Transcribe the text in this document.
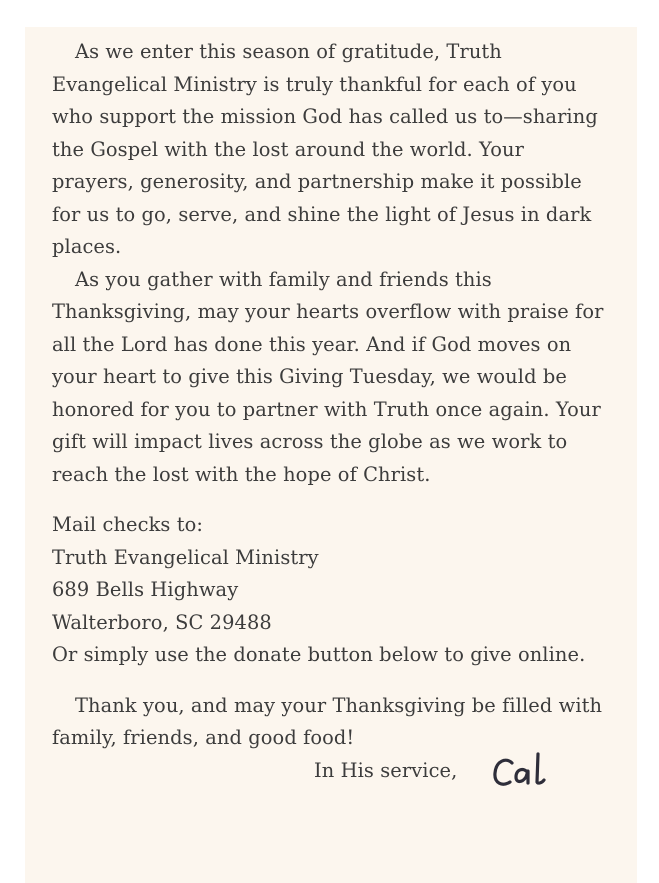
As we enter this season of gratitude, Truth Evangelical Ministry is truly thankful for each of you who support the mission God has called us to—sharing the Gospel with the lost around the world. Your prayers, generosity, and partnership make it possible for us to go, serve, and shine the light of Jesus in dark places.

As you gather with family and friends this Thanksgiving, may your hearts overflow with praise for all the Lord has done this year. And if God moves on your heart to give this Giving Tuesday, we would be honored for you to partner with Truth once again. Your gift will impact lives across the globe as we work to reach the lost with the hope of Christ.

Mail checks to:
Truth Evangelical Ministry
689 Bells Highway
Walterboro, SC 29488
Or simply use the donate button below to give online.

Thank you, and may your Thanksgiving be filled with family, friends, and good food!

In His service,
